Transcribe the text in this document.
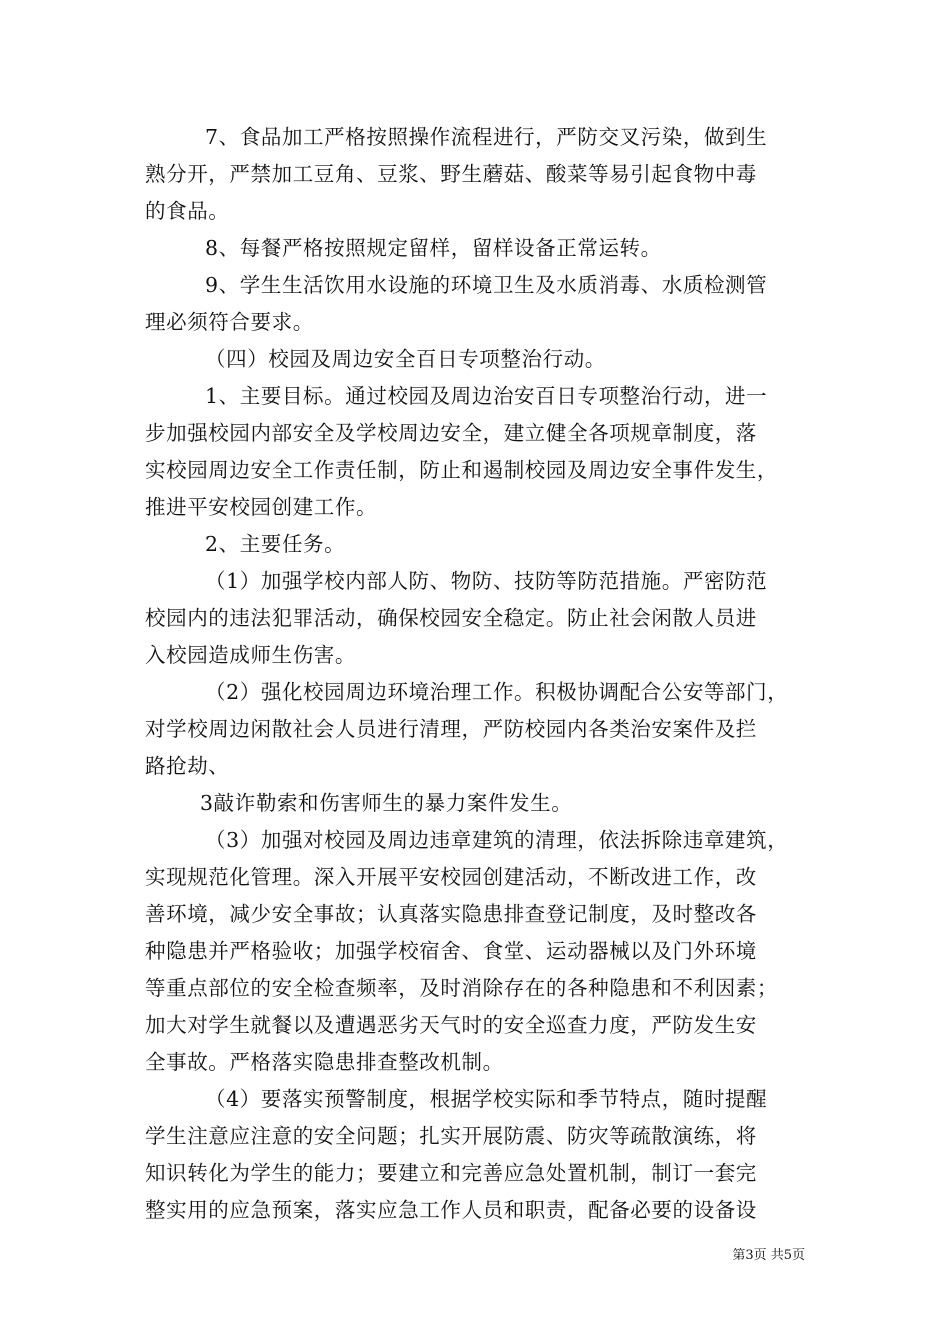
7、食品加工严格按照操作流程进行，严防交叉污染，做到生
熟分开，严禁加工豆角、豆浆、野生蘑菇、酸菜等易引起食物中毒
的食品。
8、每餐严格按照规定留样，留样设备正常运转。
9、学生生活饮用水设施的环境卫生及水质消毒、水质检测管
理必须符合要求。
（四）校园及周边安全百日专项整治行动。
1、主要目标。通过校园及周边治安百日专项整治行动，进一
步加强校园内部安全及学校周边安全，建立健全各项规章制度，落
实校园周边安全工作责任制，防止和遏制校园及周边安全事件发生，
推进平安校园创建工作。
2、主要任务。
（1）加强学校内部人防、物防、技防等防范措施。严密防范
校园内的违法犯罪活动，确保校园安全稳定。防止社会闲散人员进
入校园造成师生伤害。
（2）强化校园周边环境治理工作。积极协调配合公安等部门，
对学校周边闲散社会人员进行清理，严防校园内各类治安案件及拦
路抢劫、
3敲诈勒索和伤害师生的暴力案件发生。
（3）加强对校园及周边违章建筑的清理，依法拆除违章建筑，
实现规范化管理。深入开展平安校园创建活动，不断改进工作，改
善环境，减少安全事故；认真落实隐患排查登记制度，及时整改各
种隐患并严格验收；加强学校宿舍、食堂、运动器械以及门外环境
等重点部位的安全检查频率，及时消除存在的各种隐患和不利因素；
加大对学生就餐以及遭遇恶劣天气时的安全巡查力度，严防发生安
全事故。严格落实隐患排查整改机制。
（4）要落实预警制度，根据学校实际和季节特点，随时提醒
学生注意应注意的安全问题；扎实开展防震、防灾等疏散演练，将
知识转化为学生的能力；要建立和完善应急处置机制，制订一套完
整实用的应急预案，落实应急工作人员和职责，配备必要的设备设
第3页 共5页
